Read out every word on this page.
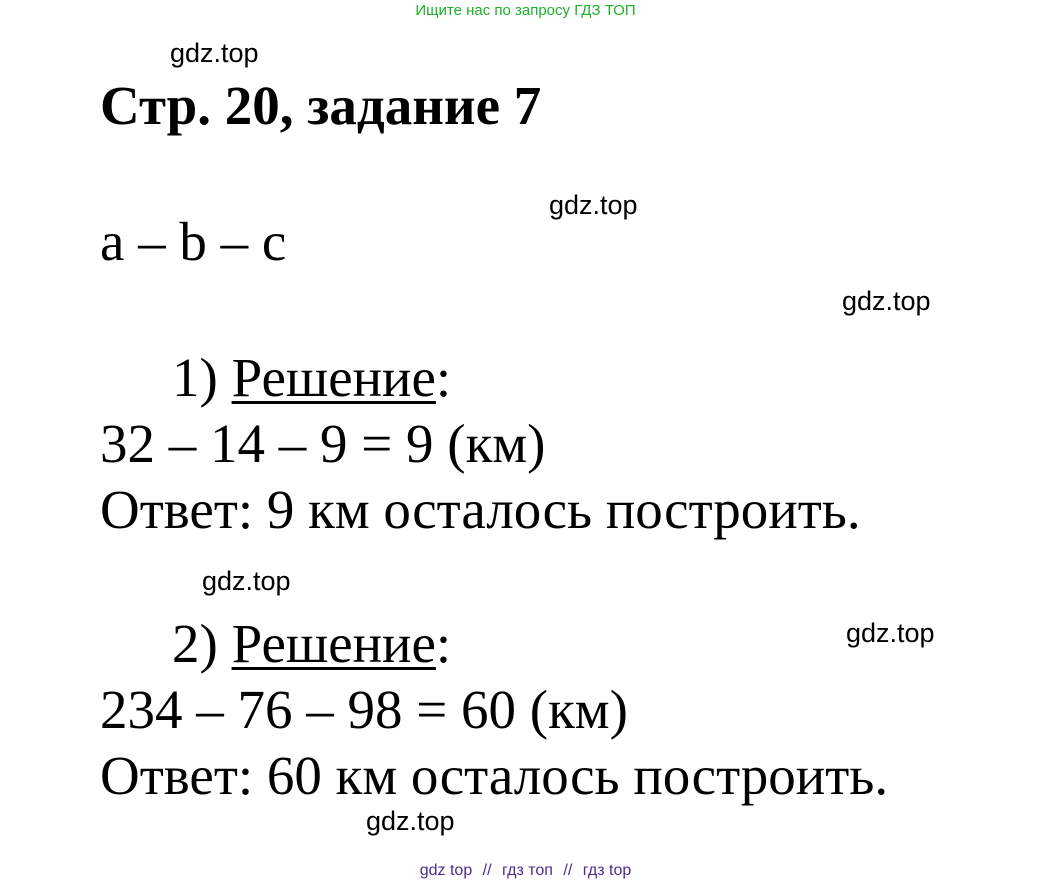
Ищите нас по запросу ГДЗ ТОП
gdz.top
gdz.top
gdz.top
gdz.top
gdz.top
gdz.top
Стр. 20, задание 7
a – b – c
1) Решение:
32 – 14 – 9 = 9 (км)
Ответ: 9 км осталось построить.
2) Решение:
234 – 76 – 98 = 60 (км)
Ответ: 60 км осталось построить.
gdz top // гдз топ // гдз top
